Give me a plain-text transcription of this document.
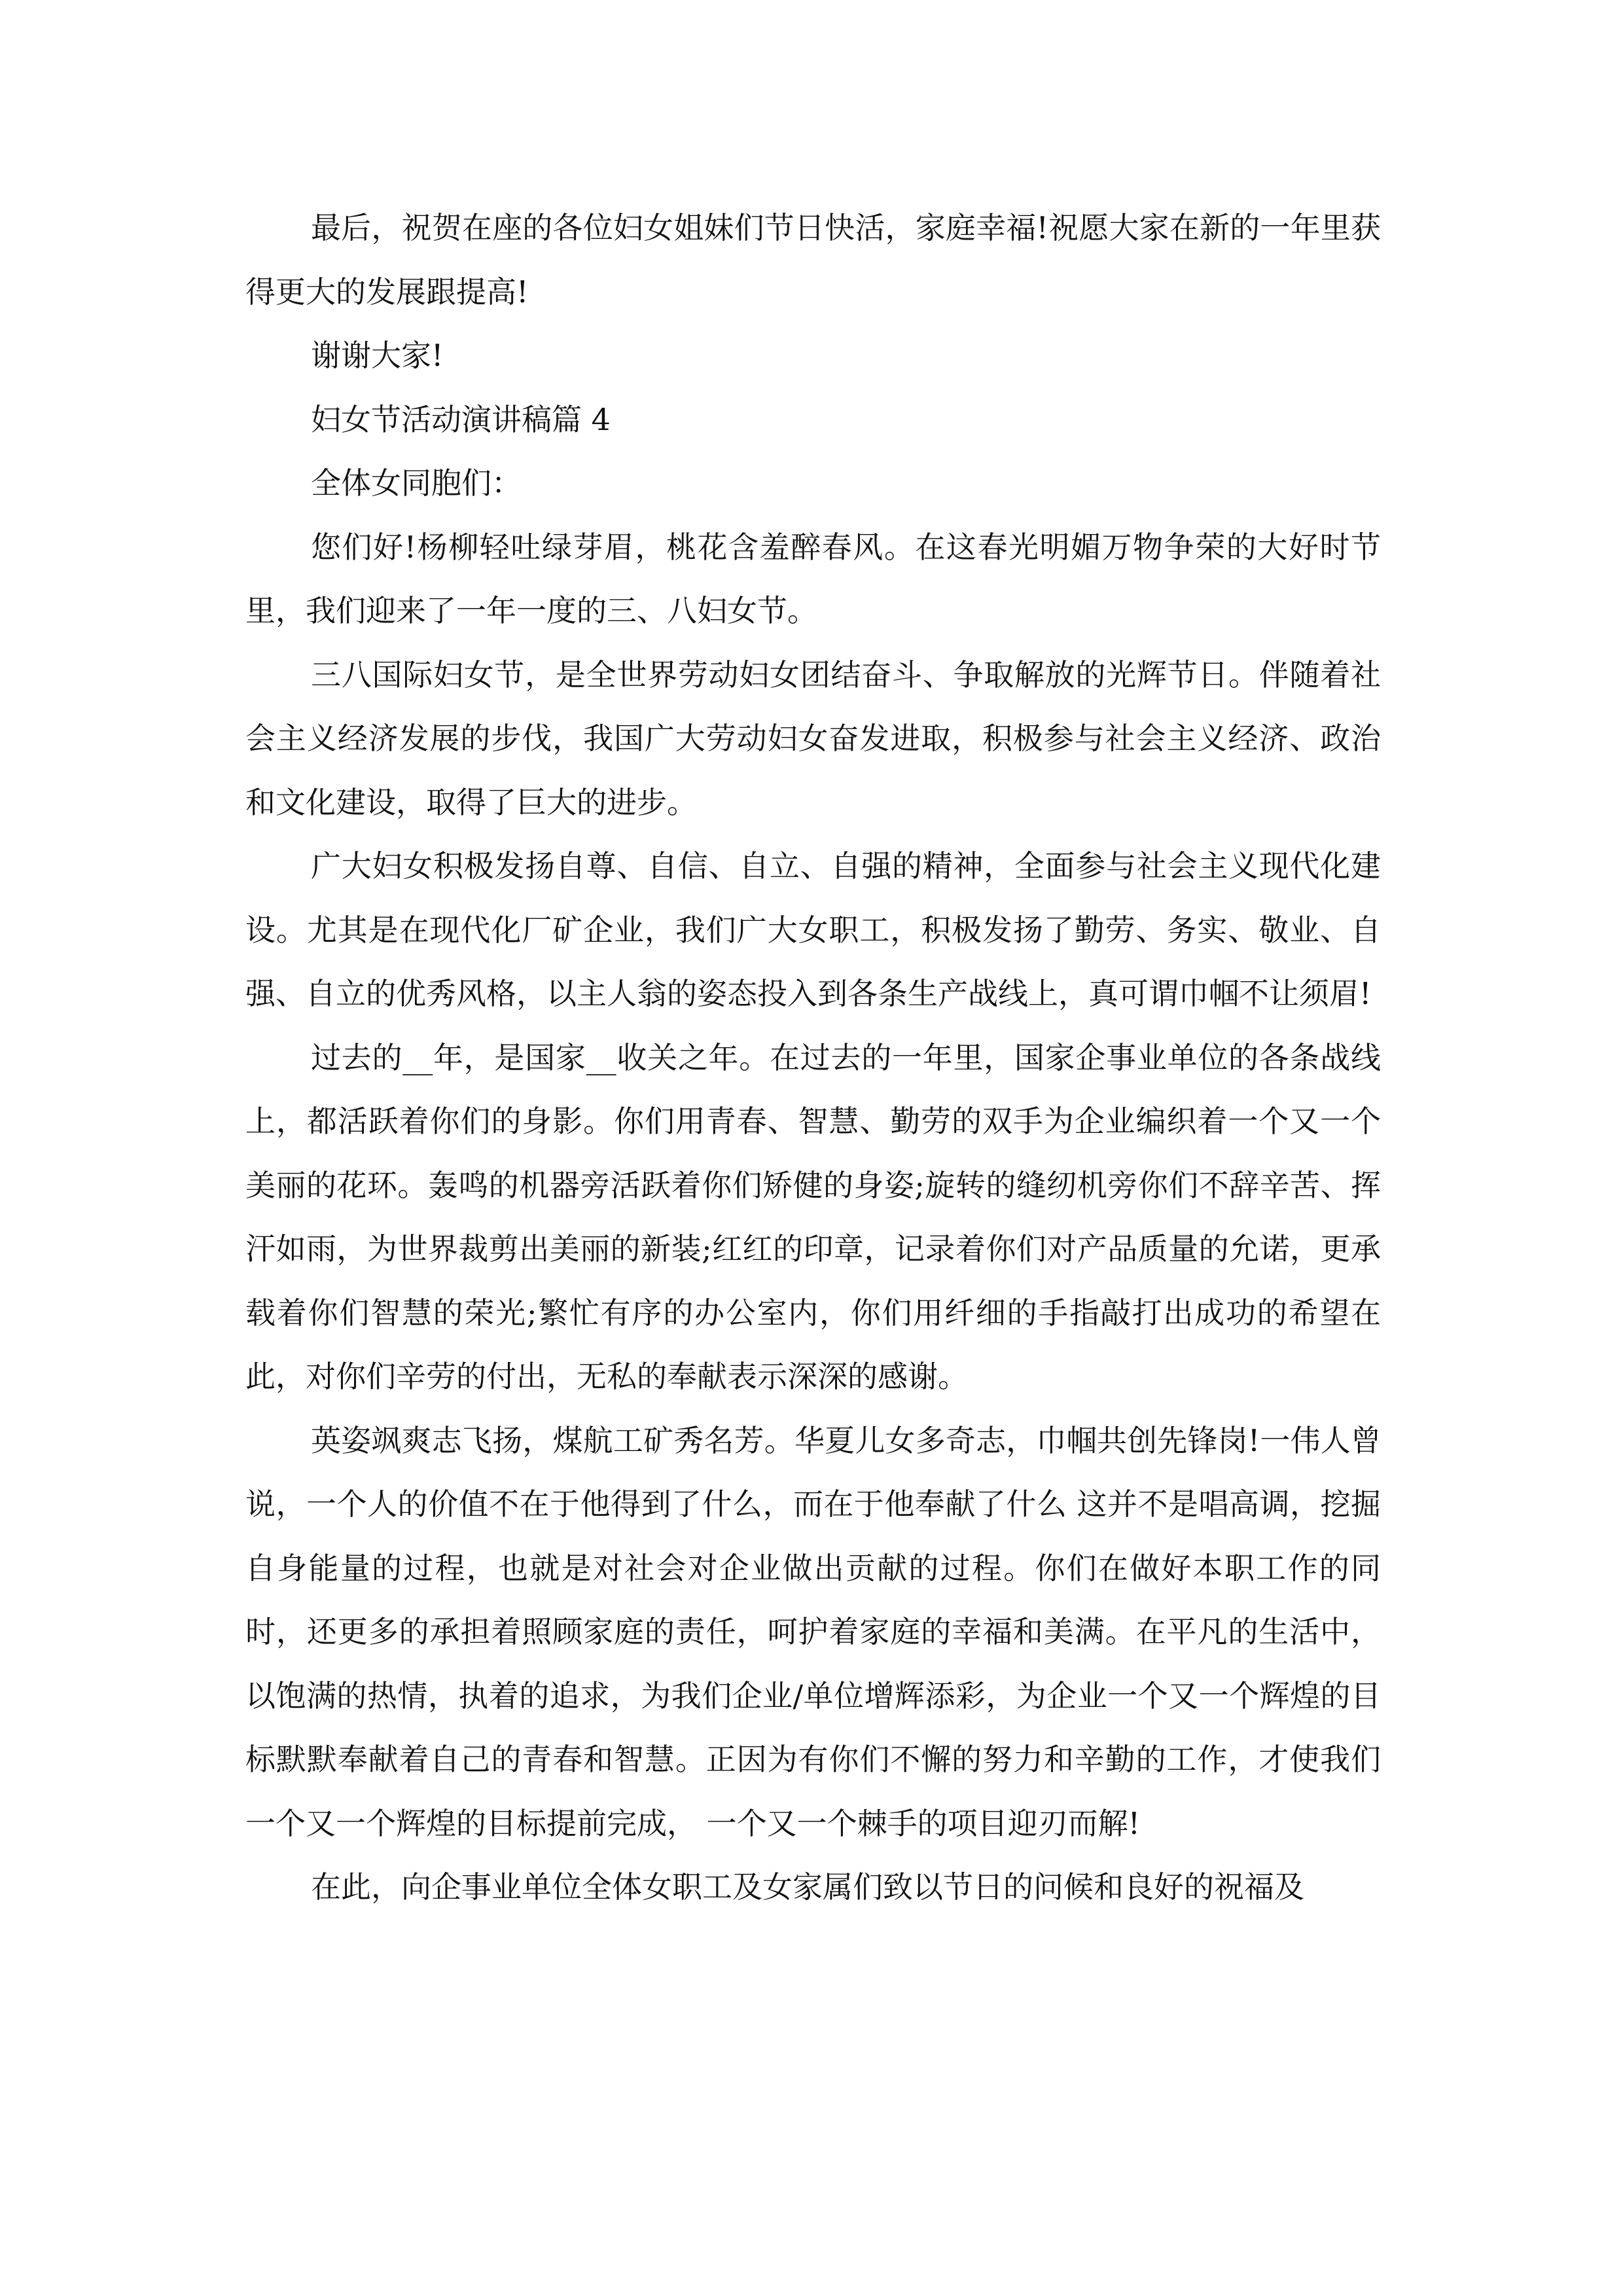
最后，祝贺在座的各位妇女姐妹们节日快活，家庭幸福!祝愿大家在新的一年里获得更大的发展跟提高!

谢谢大家!

妇女节活动演讲稿篇 4

全体女同胞们：

您们好!杨柳轻吐绿芽眉，桃花含羞醉春风。在这春光明媚万物争荣的大好时节里，我们迎来了一年一度的三、八妇女节。

三八国际妇女节，是全世界劳动妇女团结奋斗、争取解放的光辉节日。伴随着社会主义经济发展的步伐，我国广大劳动妇女奋发进取，积极参与社会主义经济、政治和文化建设，取得了巨大的进步。

广大妇女积极发扬自尊、自信、自立、自强的精神，全面参与社会主义现代化建设。尤其是在现代化厂矿企业，我们广大女职工，积极发扬了勤劳、务实、敬业、自强、自立的优秀风格，以主人翁的姿态投入到各条生产战线上，真可谓巾帼不让须眉!

过去的__年，是国家__收关之年。在过去的一年里，国家企事业单位的各条战线上，都活跃着你们的身影。你们用青春、智慧、勤劳的双手为企业编织着一个又一个美丽的花环。轰鸣的机器旁活跃着你们矫健的身姿;旋转的缝纫机旁你们不辞辛苦、挥汗如雨，为世界裁剪出美丽的新装;红红的印章，记录着你们对产品质量的允诺，更承载着你们智慧的荣光;繁忙有序的办公室内，你们用纤细的手指敲打出成功的希望在此，对你们辛劳的付出，无私的奉献表示深深的感谢。

英姿飒爽志飞扬，煤航工矿秀名芳。华夏儿女多奇志，巾帼共创先锋岗!一伟人曾说，一个人的价值不在于他得到了什么，而在于他奉献了什么 这并不是唱高调，挖掘自身能量的过程，也就是对社会对企业做出贡献的过程。你们在做好本职工作的同时，还更多的承担着照顾家庭的责任，呵护着家庭的幸福和美满。在平凡的生活中，以饱满的热情，执着的追求，为我们企业/单位增辉添彩，为企业一个又一个辉煌的目标默默奉献着自己的青春和智慧。正因为有你们不懈的努力和辛勤的工作，才使我们一个又一个辉煌的目标提前完成， 一个又一个棘手的项目迎刃而解!

在此，向企事业单位全体女职工及女家属们致以节日的问候和良好的祝福及
